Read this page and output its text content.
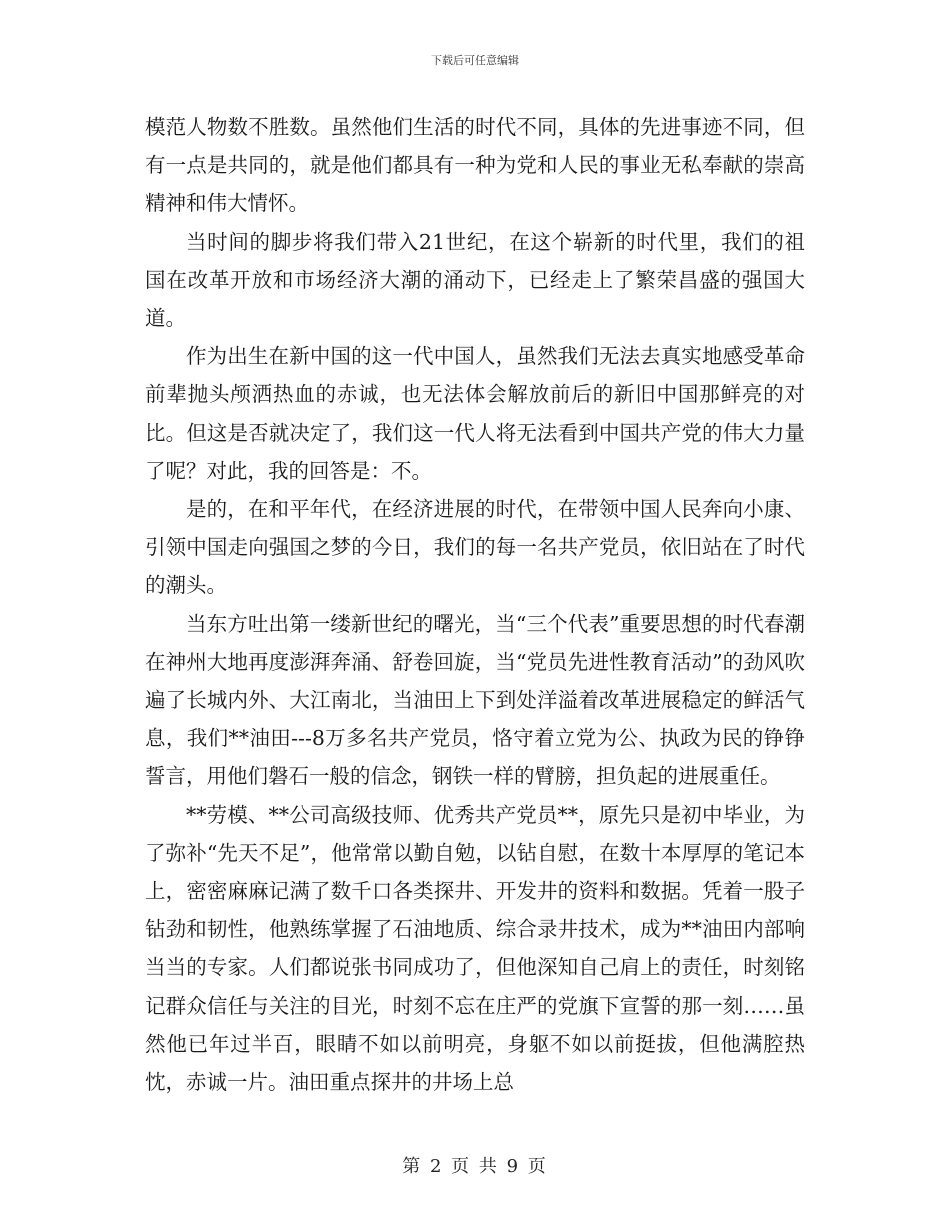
下载后可任意编辑

模范人物数不胜数。虽然他们生活的时代不同，具体的先进事迹不同，但有一点是共同的，就是他们都具有一种为党和人民的事业无私奉献的崇高精神和伟大情怀。

当时间的脚步将我们带入21世纪，在这个崭新的时代里，我们的祖国在改革开放和市场经济大潮的涌动下，已经走上了繁荣昌盛的强国大道。

作为出生在新中国的这一代中国人，虽然我们无法去真实地感受革命前辈抛头颅洒热血的赤诚，也无法体会解放前后的新旧中国那鲜亮的对比。但这是否就决定了，我们这一代人将无法看到中国共产党的伟大力量了呢？对此，我的回答是：不。

是的，在和平年代，在经济进展的时代，在带领中国人民奔向小康、引领中国走向强国之梦的今日，我们的每一名共产党员，依旧站在了时代的潮头。

当东方吐出第一缕新世纪的曙光，当“三个代表”重要思想的时代春潮在神州大地再度澎湃奔涌、舒卷回旋，当“党员先进性教育活动”的劲风吹遍了长城内外、大江南北，当油田上下到处洋溢着改革进展稳定的鲜活气息，我们**油田---8万多名共产党员，恪守着立党为公、执政为民的铮铮誓言，用他们磐石一般的信念，钢铁一样的臂膀，担负起的进展重任。

**劳模、**公司高级技师、优秀共产党员**，原先只是初中毕业，为了弥补“先天不足”，他常常以勤自勉，以钻自慰，在数十本厚厚的笔记本上，密密麻麻记满了数千口各类探井、开发井的资料和数据。凭着一股子钻劲和韧性，他熟练掌握了石油地质、综合录井技术，成为**油田内部响当当的专家。人们都说张书同成功了，但他深知自己肩上的责任，时刻铭记群众信任与关注的目光，时刻不忘在庄严的党旗下宣誓的那一刻……虽然他已年过半百，眼睛不如以前明亮，身躯不如以前挺拔，但他满腔热忱，赤诚一片。油田重点探井的井场上总

第 2 页 共 9 页
